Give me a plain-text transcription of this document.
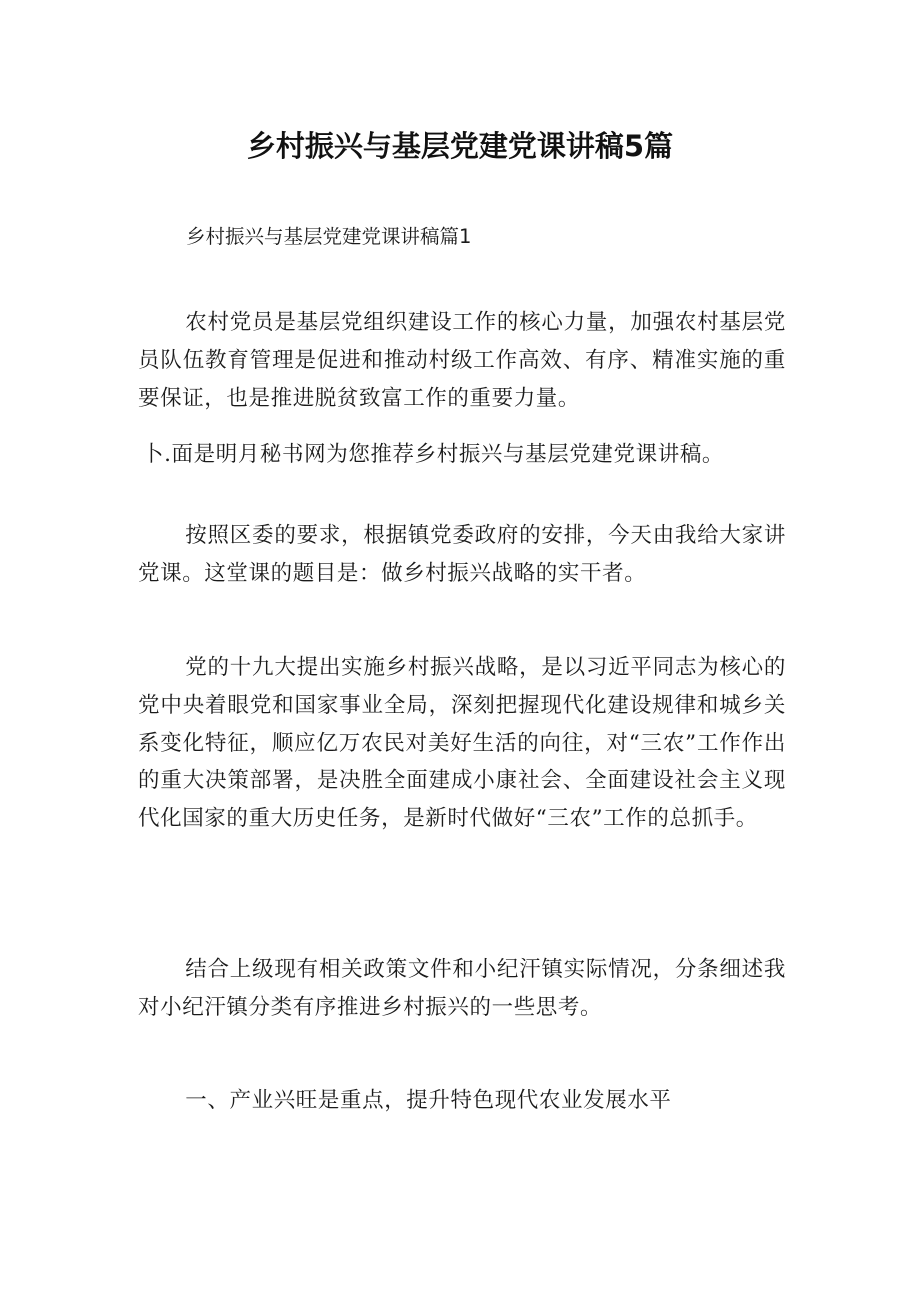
乡村振兴与基层党建党课讲稿5篇

乡村振兴与基层党建党课讲稿篇1

农村党员是基层党组织建设工作的核心力量，加强农村基层党员队伍教育管理是促进和推动村级工作高效、有序、精准实施的重要保证，也是推进脱贫致富工作的重要力量。

卜.面是明月秘书网为您推荐乡村振兴与基层党建党课讲稿。

按照区委的要求，根据镇党委政府的安排，今天由我给大家讲党课。这堂课的题目是：做乡村振兴战略的实干者。

党的十九大提出实施乡村振兴战略，是以习近平同志为核心的党中央着眼党和国家事业全局，深刻把握现代化建设规律和城乡关系变化特征，顺应亿万农民对美好生活的向往，对“三农”工作作出的重大决策部署，是决胜全面建成小康社会、全面建设社会主义现代化国家的重大历史任务，是新时代做好“三农”工作的总抓手。

结合上级现有相关政策文件和小纪汗镇实际情况，分条细述我对小纪汗镇分类有序推进乡村振兴的一些思考。

一、产业兴旺是重点，提升特色现代农业发展水平
